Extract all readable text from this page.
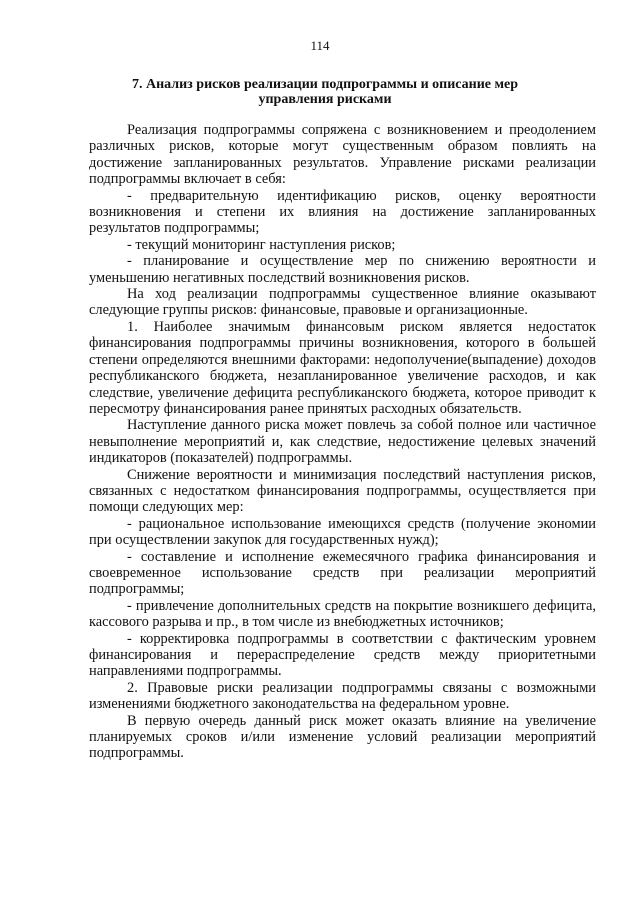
114
7. Анализ рисков реализации подпрограммы и описание мер управления рисками

Реализация подпрограммы сопряжена с возникновением и преодолением различных рисков, которые могут существенным образом повлиять на достижение запланированных результатов. Управление рисками реализации подпрограммы включает в себя:

- предварительную идентификацию рисков, оценку вероятности возникновения и степени их влияния на достижение запланированных результатов подпрограммы;

- текущий мониторинг наступления рисков;

- планирование и осуществление мер по снижению вероятности и уменьшению негативных последствий возникновения рисков.

На ход реализации подпрограммы существенное влияние оказывают следующие группы рисков: финансовые, правовые и организационные.

1. Наиболее значимым финансовым риском является недостаток финансирования подпрограммы причины возникновения, которого в большей степени определяются внешними факторами: недополучение(выпадение) доходов республиканского бюджета, незапланированное увеличение расходов, и как следствие, увеличение дефицита республиканского бюджета, которое приводит к пересмотру финансирования ранее принятых расходных обязательств.

Наступление данного риска может повлечь за собой полное или частичное невыполнение мероприятий и, как следствие, недостижение целевых значений индикаторов (показателей) подпрограммы.

Снижение вероятности и минимизация последствий наступления рисков, связанных с недостатком финансирования подпрограммы, осуществляется при помощи следующих мер:

- рациональное использование имеющихся средств (получение экономии при осуществлении закупок для государственных нужд);

- составление и исполнение ежемесячного графика финансирования и своевременное использование средств при реализации мероприятий подпрограммы;

- привлечение дополнительных средств на покрытие возникшего дефицита, кассового разрыва и пр., в том числе из внебюджетных источников;

- корректировка подпрограммы в соответствии с фактическим уровнем финансирования и перераспределение средств между приоритетными направлениями подпрограммы.

2. Правовые риски реализации подпрограммы связаны с возможными изменениями бюджетного законодательства на федеральном уровне.

В первую очередь данный риск может оказать влияние на увеличение планируемых сроков и/или изменение условий реализации мероприятий подпрограммы.
